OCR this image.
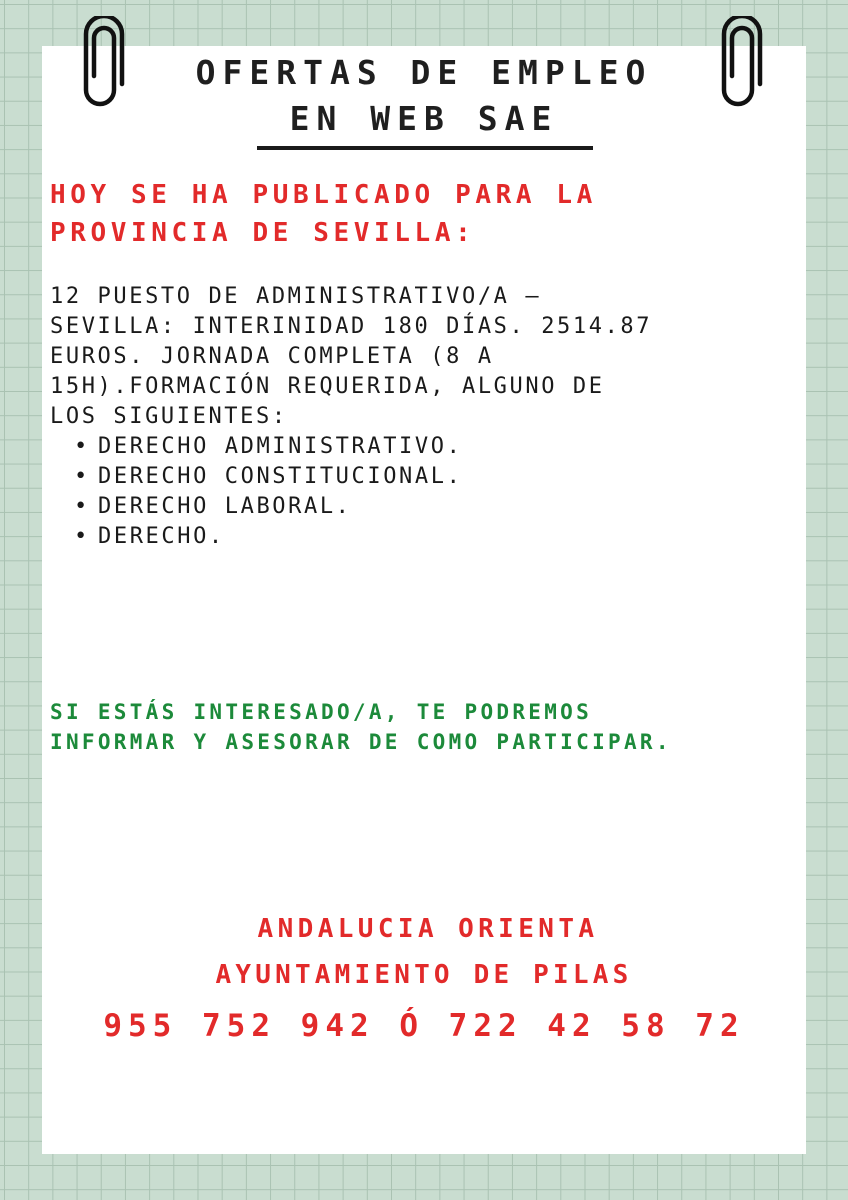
OFERTAS DE EMPLEO
EN WEB SAE
HOY SE HA PUBLICADO PARA LA
PROVINCIA DE SEVILLA:
12 PUESTO DE ADMINISTRATIVO/A –
SEVILLA: INTERINIDAD 180 DÍAS. 2514.87
EUROS. JORNADA COMPLETA (8 A
15H).FORMACIÓN REQUERIDA, ALGUNO DE
LOS SIGUIENTES:
• DERECHO ADMINISTRATIVO.
• DERECHO CONSTITUCIONAL.
• DERECHO LABORAL.
• DERECHO.
SI ESTÁS INTERESADO/A, TE PODREMOS
INFORMAR Y ASESORAR DE COMO PARTICIPAR.
ANDALUCIA ORIENTA
AYUNTAMIENTO DE PILAS
955 752 942 Ó 722 42 58 72
